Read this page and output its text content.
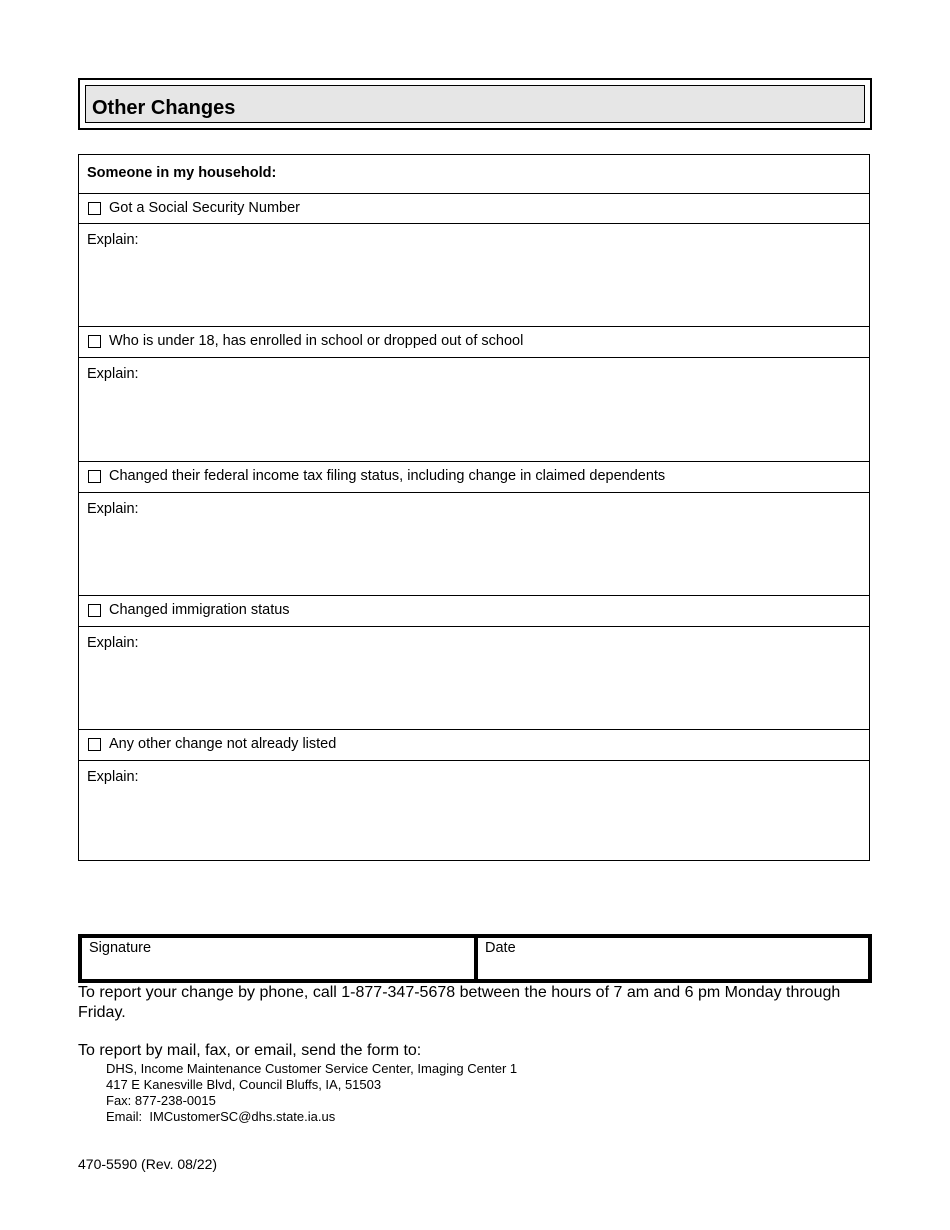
Other Changes
Someone in my household:
Got a Social Security Number
Explain:
Who is under 18, has enrolled in school or dropped out of school
Explain:
Changed their federal income tax filing status, including change in claimed dependents
Explain:
Changed immigration status
Explain:
Any other change not already listed
Explain:
Signature	Date
To report your change by phone, call 1-877-347-5678 between the hours of 7 am and 6 pm Monday through Friday.
To report by mail, fax, or email, send the form to:
DHS, Income Maintenance Customer Service Center, Imaging Center 1
417 E Kanesville Blvd, Council Bluffs, IA, 51503
Fax: 877-238-0015
Email:  IMCustomerSC@dhs.state.ia.us
470-5590 (Rev. 08/22)
